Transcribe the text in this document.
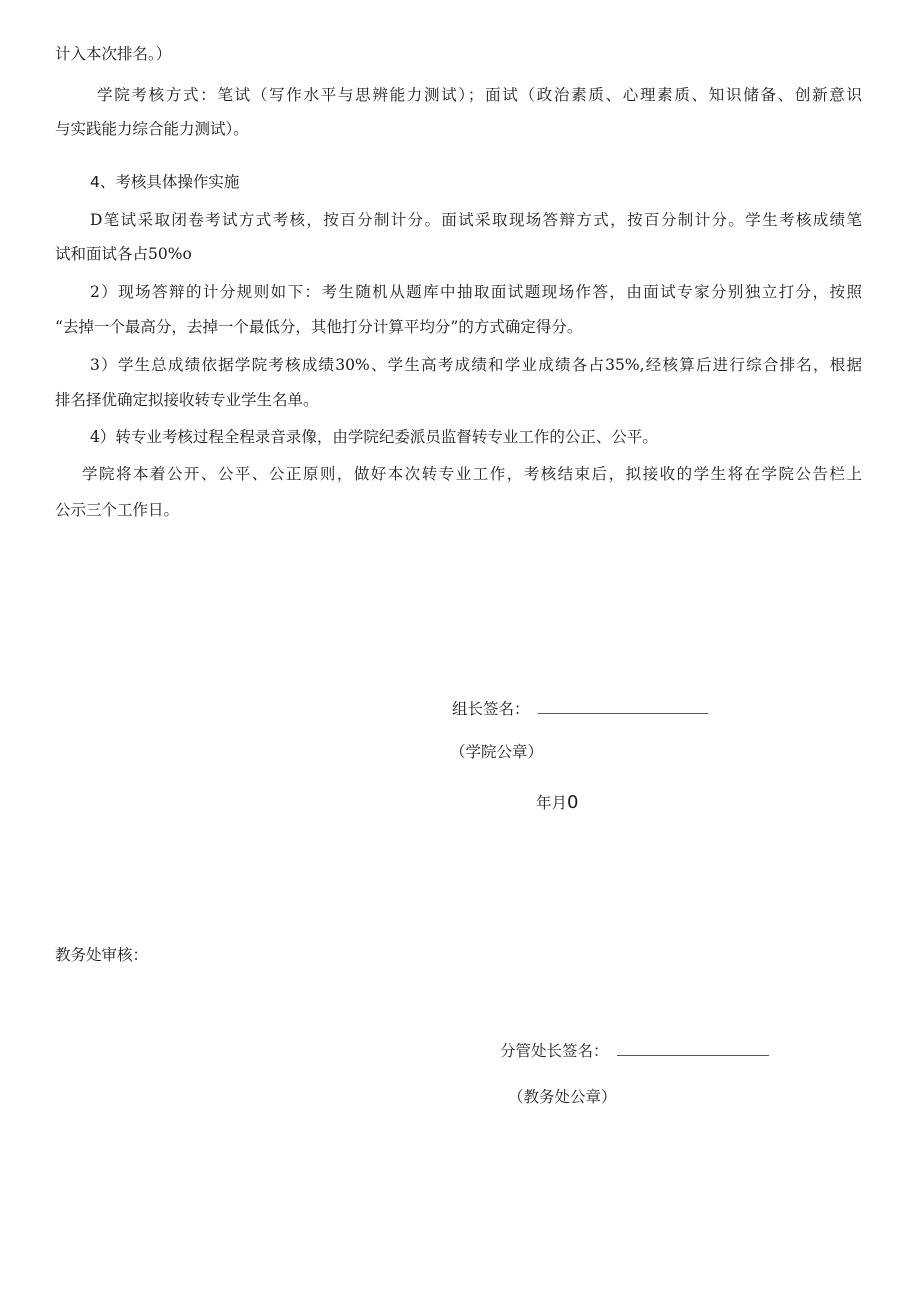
计入本次排名。）
学院考核方式：笔试（写作水平与思辨能力测试）；面试（政治素质、心理素质、知识储备、创新意识
与实践能力综合能力测试）。
4、考核具体操作实施
D笔试采取闭卷考试方式考核，按百分制计分。面试采取现场答辩方式，按百分制计分。学生考核成绩笔
试和面试各占50%o
2）现场答辩的计分规则如下：考生随机从题库中抽取面试题现场作答，由面试专家分别独立打分，按照
“去掉一个最高分，去掉一个最低分，其他打分计算平均分”的方式确定得分。
3）学生总成绩依据学院考核成绩30%、学生高考成绩和学业成绩各占35%,经核算后进行综合排名，根据
排名择优确定拟接收转专业学生名单。
4）转专业考核过程全程录音录像，由学院纪委派员监督转专业工作的公正、公平。
学院将本着公开、公平、公正原则，做好本次转专业工作，考核结束后，拟接收的学生将在学院公告栏上
公示三个工作日。
组长签名：
（学院公章）
年月0
教务处审核：
分管处长签名：
（教务处公章）
